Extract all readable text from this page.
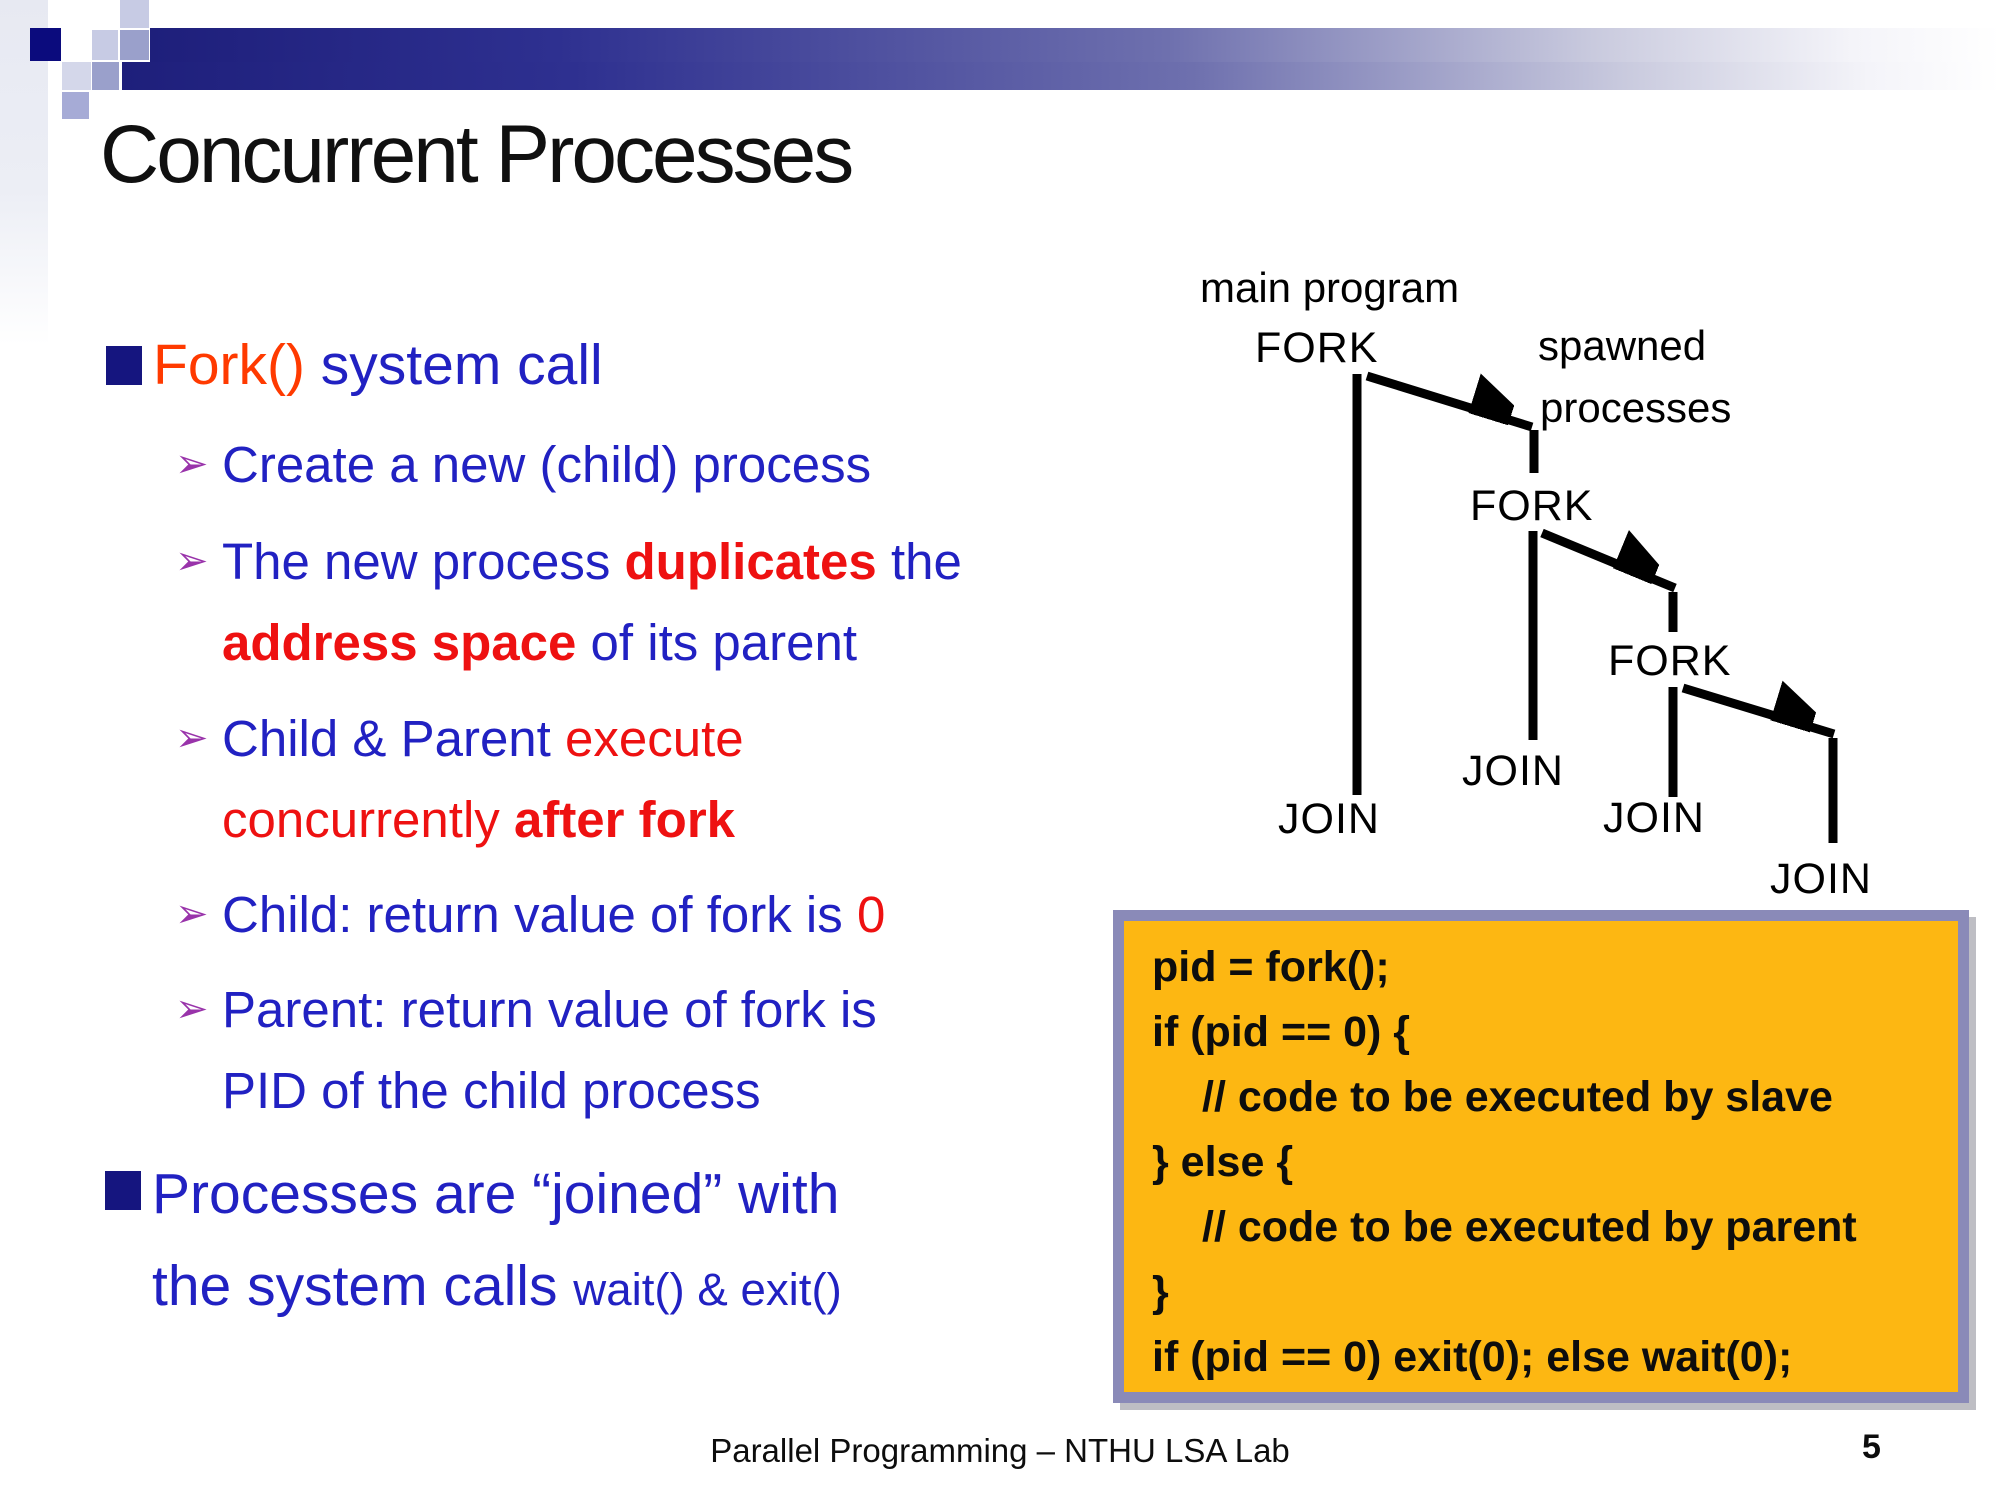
Concurrent Processes
Fork() system call
➢ Create a new (child) process
➢ The new process duplicates the
address space of its parent
➢ Child & Parent execute
concurrently after fork
➢ Child: return value of fork is 0
➢ Parent: return value of fork is
PID of the child process
Processes are “joined” with
the system calls wait() & exit()
main program
FORK	spawned
processes
FORK
FORK
JOIN
JOIN
JOIN
JOIN
pid = fork();
if (pid == 0) {
// code to be executed by slave
} else {
// code to be executed by parent
}
if (pid == 0) exit(0); else wait(0);
Parallel Programming – NTHU LSA Lab	5
